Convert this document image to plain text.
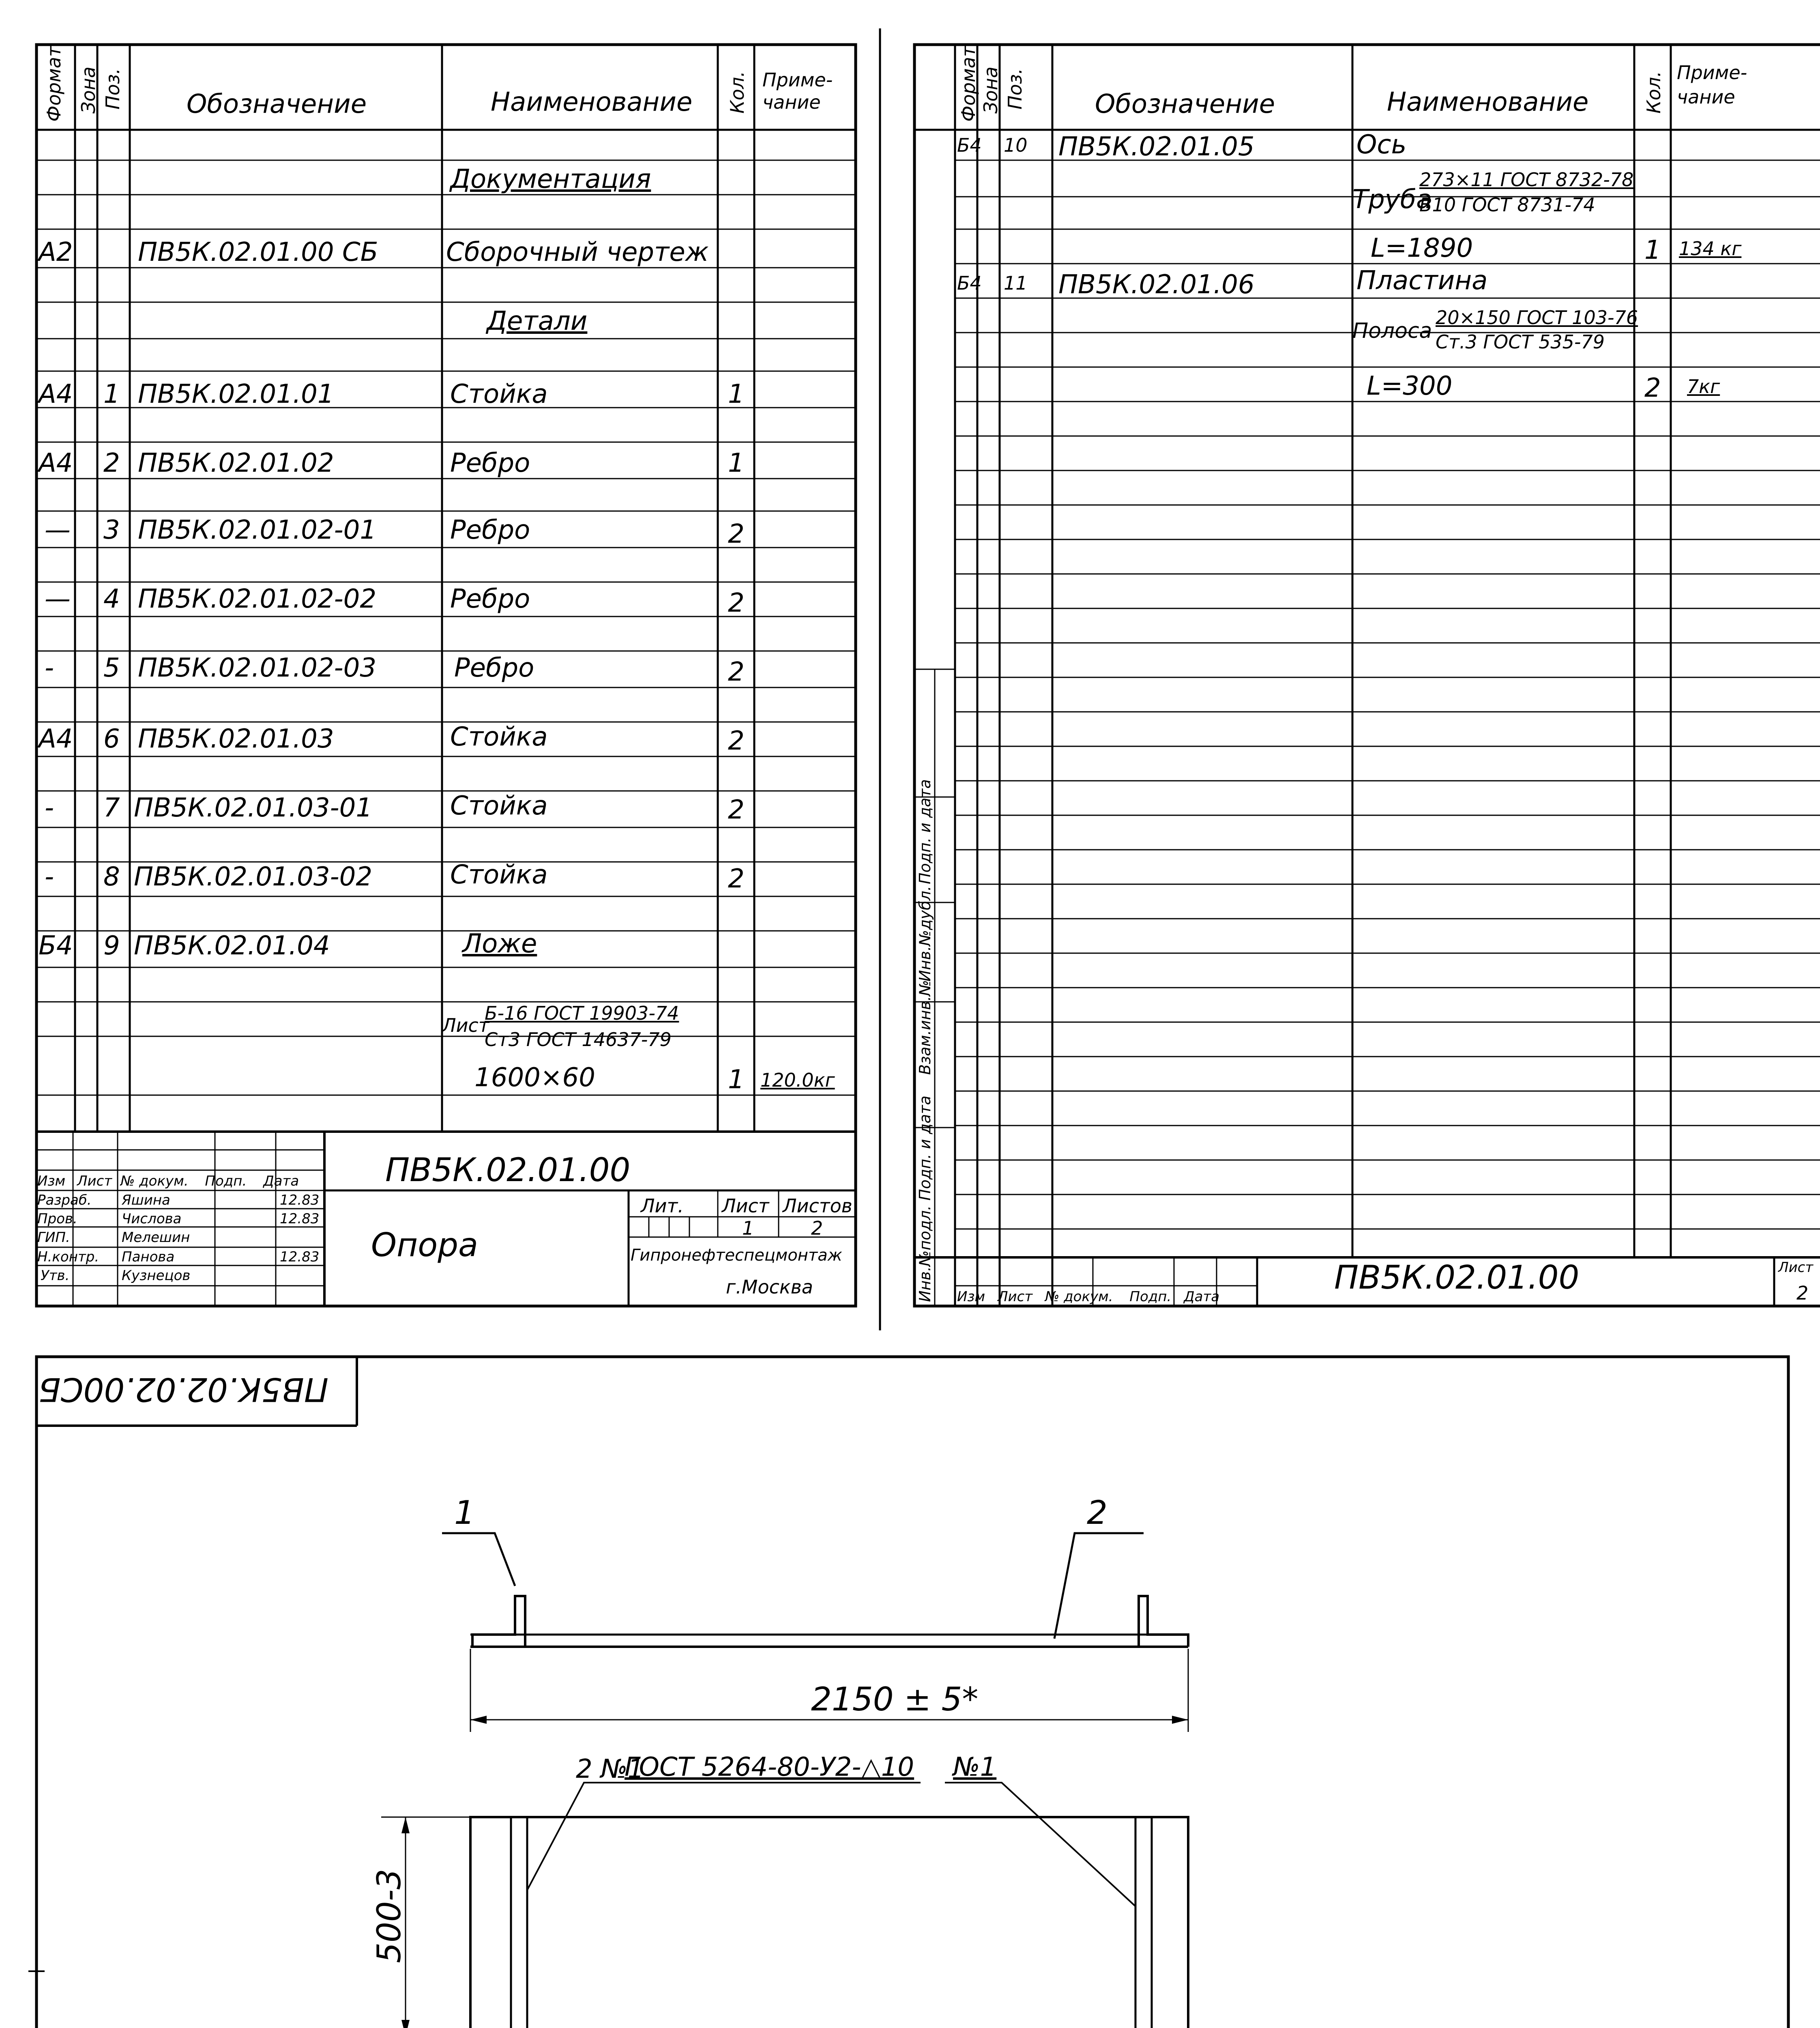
Формат Зона Поз. Обозначение	Наименование Кол. Приме-
чание
Документация
Детали
А2	ПВ5К.02.01.00 СБ	Сборочный чертеж
А4 1 ПВ5К.02.01.01	Стойка	1
А4 2 ПВ5К.02.01.02	Ребро	1
— 3 ПВ5К.02.01.02-01	Ребро	2
— 4 ПВ5К.02.01.02-02	Ребро	2
- 5 ПВ5К.02.01.02-03	Ребро	2
А4 6 ПВ5К.02.01.03	Стойка	2
- 7 ПВ5К.02.01.03-01	Стойка	2
- 8 ПВ5К.02.01.03-02	Стойка	2
Б4 9 ПВ5К.02.01.04	Ложе
Лист
Б-16 ГОСТ 19903-74
Ст3 ГОСТ 14637-79
1600×60	1 120.0кг
ПВ5К.02.01.00
Опора
Изм Лист № докум. Подп. Дата
Разраб. Яшина	12.83
Пров.	Числова	12.83
ГИП.	Мелешин
Н.контр. Панова	12.83
Утв.	Кузнецов
Лит. Лист Листов
1	2
Гипронефтеспецмонтаж
г.Москва
Формат Зона Поз.	Обозначение	Наименование	Кол. Приме-
чание
Б4 10 ПВ5К.02.01.05	Ось
Труба
273×11 ГОСТ 8732-78
В10 ГОСТ 8731-74
L=1890	1 134 кг
Б4 11 ПВ5К.02.01.06	Пластина
Полоса
20×150 ГОСТ 103-76
Ст.3 ГОСТ 535-79
L=300	2 7кг
Инв.№подл.
Подп. и дата
Взам.инв.№
Инв.№дубл.
Подп. и дата
Изм Лист № докум. Подп. Дата
ПВ5К.02.01.00	Лист
2
ПВ5К.02.02.00СБ
1	2
2150 ± 5*
2 №1
ГОСТ 5264-80-У2-△10 №1
500-3
